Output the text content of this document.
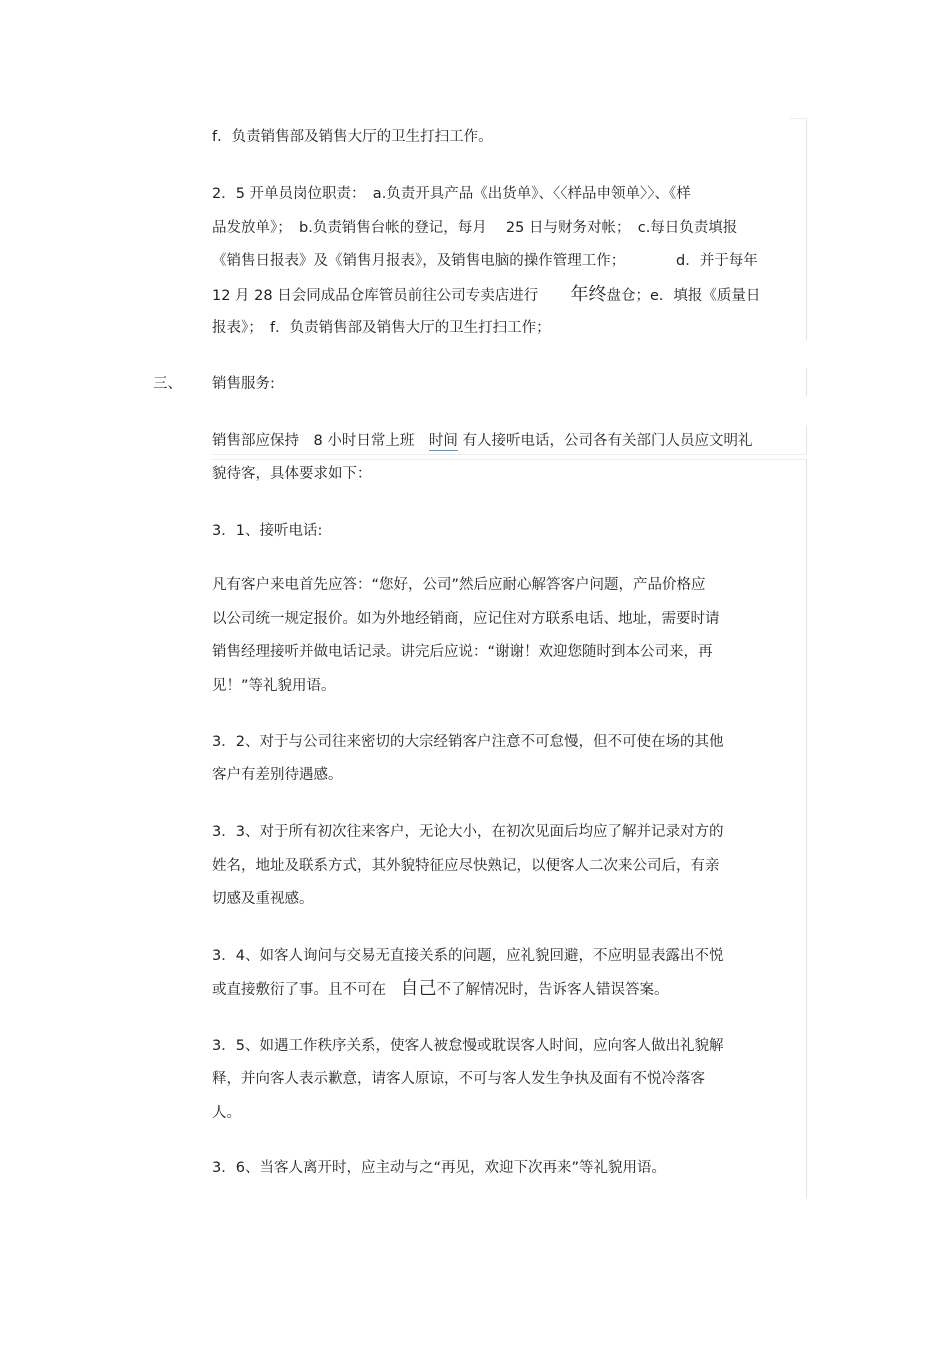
f．负责销售部及销售大厅的卫生打扫工作。

2．5 开单员岗位职责：　a.负责开具产品《出货单》、〈〈样品申领单〉〉、《样

品发放单》；　b.负责销售台帐的登记，每月　 25 日与财务对帐；　c.每日负责填报

《销售日报表》及《销售月报表》，及销售电脑的操作管理工作；　　　　d．并于每年

12 月 28 日会同成品仓库管员前往公司专卖店进行 年终盘仓；e．填报《质量日

报表》；　f．负责销售部及销售大厅的卫生打扫工作；

三、 销售服务:

销售部应保持　8 小时日常上班　时间 有人接听电话，公司各有关部门人员应文明礼

貌待客，具体要求如下：

3．1、接听电话:

凡有客户来电首先应答：“您好，公司”然后应耐心解答客户问题，产品价格应

以公司统一规定报价。如为外地经销商，应记住对方联系电话、地址，需要时请

销售经理接听并做电话记录。讲完后应说：“谢谢！欢迎您随时到本公司来，再

见！”等礼貌用语。

3．2、对于与公司往来密切的大宗经销客户注意不可怠慢，但不可使在场的其他

客户有差别待遇感。

3．3、对于所有初次往来客户，无论大小，在初次见面后均应了解并记录对方的

姓名，地址及联系方式，其外貌特征应尽快熟记，以便客人二次来公司后，有亲

切感及重视感。

3．4、如客人询问与交易无直接关系的问题，应礼貌回避，不应明显表露出不悦

或直接敷衍了事。且不可在　自己不了解情况时，告诉客人错误答案。

3．5、如遇工作秩序关系，使客人被怠慢或耽误客人时间，应向客人做出礼貌解

释，并向客人表示歉意，请客人原谅，不可与客人发生争执及面有不悦冷落客

人。

3．6、当客人离开时，应主动与之“再见，欢迎下次再来”等礼貌用语。
